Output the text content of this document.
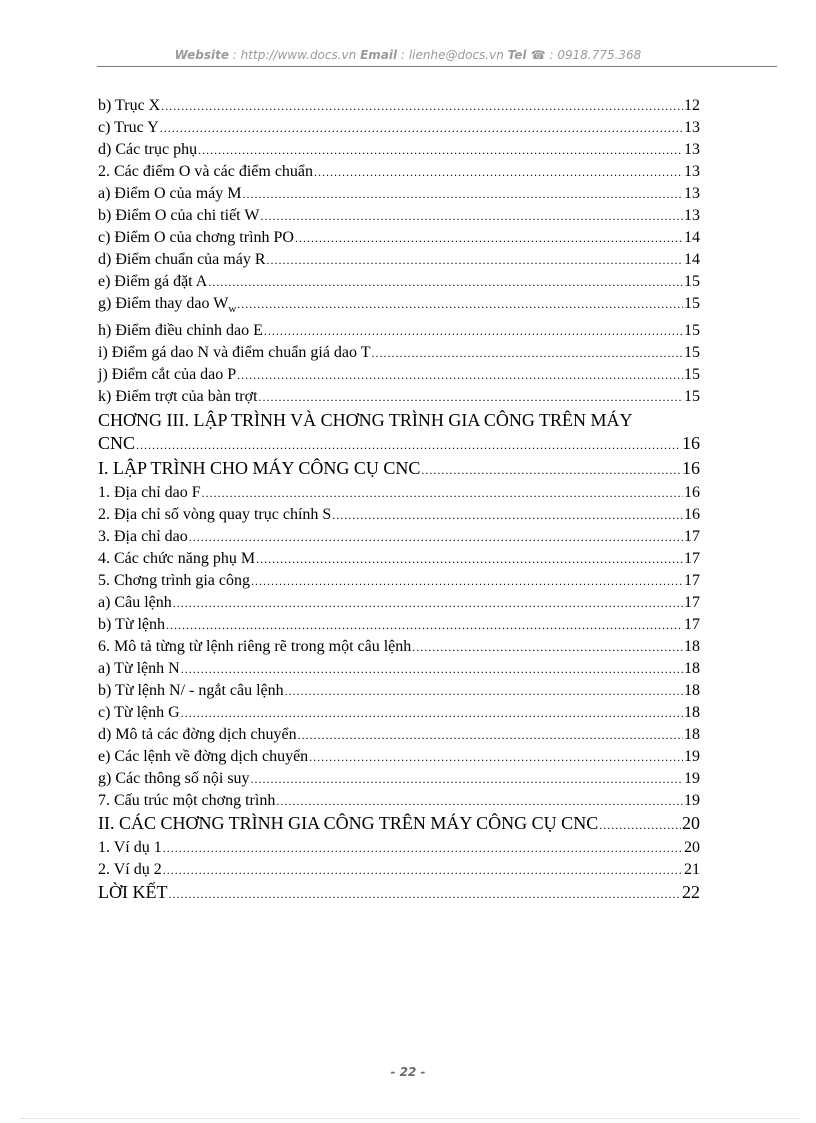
Website : http://www.docs.vn Email : lienhe@docs.vn Tel ☎ : 0918.775.368
b) Trục X .....	12
c) Truc Y .....	13
d) Các trục phụ .....	13
2. Các điểm O và các điểm chuẩn .....	13
a) Điểm O của máy M .....	13
b) Điểm O của chi tiết W .....	13
c) Điểm O của chơng trình PO .....	14
d) Điểm chuẩn của máy R .....	14
e) Điểm gá đặt A .....	15
g) Điểm thay dao $W_w$ .....	15
h) Điểm điều chỉnh dao E .....	15
i) Điểm gá dao N và điểm chuẩn giá dao T .....	15
j) Điểm cắt của dao P .....	15
k) Điểm trợt của bàn trợt .....	15
CHƠNG III. LẬP TRÌNH VÀ CHƠNG TRÌNH GIA CÔNG TRÊN MÁY
CNC .....	16
I. LẬP TRÌNH CHO MÁY CÔNG CỤ CNC .....	16
1. Địa chỉ dao F .....	16
2. Địa chỉ số vòng quay trục chính S .....	16
3. Địa chỉ dao .....	17
4. Các chức năng phụ M .....	17
5. Chơng trình gia công .....	17
a) Câu lệnh .....	17
b) Từ lệnh .....	17
6. Mô tả từng từ lệnh riêng rẽ trong một câu lệnh .....	18
a) Từ lệnh N .....	18
b) Từ lệnh N/ - ngắt câu lệnh .....	18
c) Từ lệnh G .....	18
d) Mô tả các đờng dịch chuyển .....	18
e) Các lệnh về đờng dịch chuyển .....	19
g) Các thông số nội suy .....	19
7. Cấu trúc một chơng trình .....	19
II. CÁC CHƠNG TRÌNH GIA CÔNG TRÊN MÁY CÔNG CỤ CNC .....	20
1. Ví dụ 1 .....	20
2. Ví dụ 2 .....	21
LỜI KẾT .....	22
- 22 -
